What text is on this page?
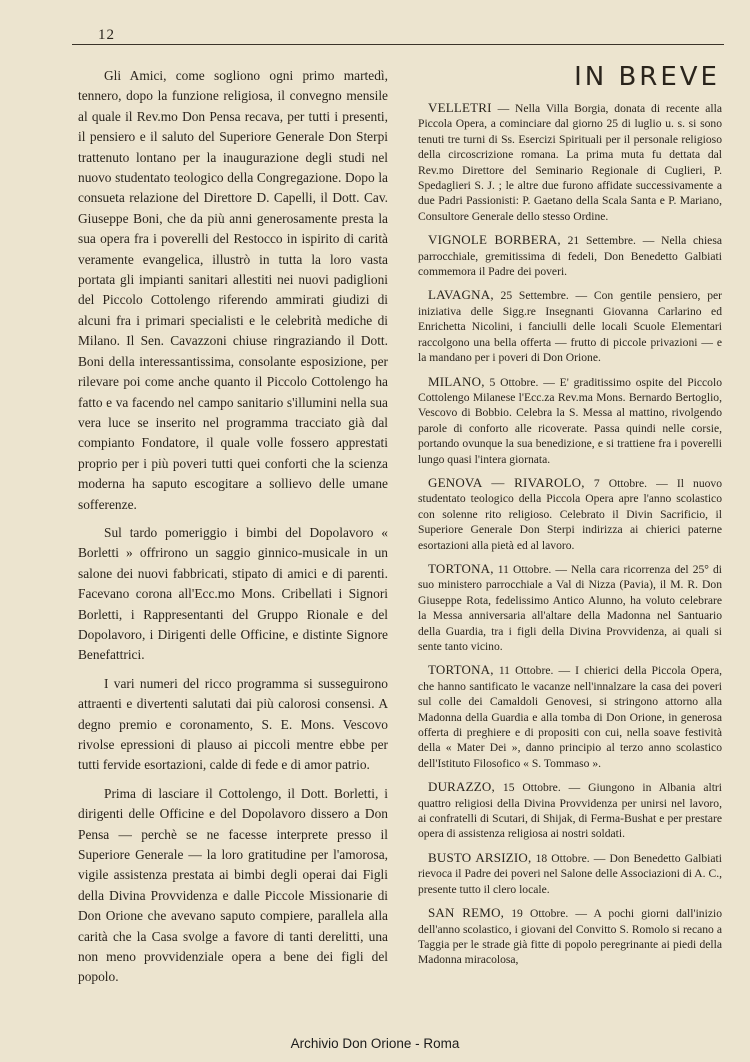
12

Gli Amici, come sogliono ogni primo martedì, tennero, dopo la funzione religiosa, il convegno mensile al quale il Rev.mo Don Pensa recava, per tutti i presenti, il pensiero e il saluto del Superiore Generale Don Sterpi trattenuto lontano per la inaugurazione degli studi nel nuovo studentato teologico della Congregazione. Dopo la consueta relazione del Direttore D. Capelli, il Dott. Cav. Giuseppe Boni, che da più anni generosamente presta la sua opera fra i poverelli del Restocco in ispirito di carità veramente evangelica, illustrò in tutta la loro vasta portata gli impianti sanitari allestiti nei nuovi padiglioni del Piccolo Cottolengo riferendo ammirati giudizi di alcuni fra i primari specialisti e le celebrità mediche di Milano. Il Sen. Cavazzoni chiuse ringraziando il Dott. Boni della interessantissima, consolante esposizione, per rilevare poi come anche quanto il Piccolo Cottolengo ha fatto e va facendo nel campo sanitario s'illumini nella sua vera luce se inserito nel programma tracciato già dal compianto Fondatore, il quale volle fossero apprestati proprio per i più poveri tutti quei conforti che la scienza moderna ha saputo escogitare a sollievo delle umane sofferenze.

Sul tardo pomeriggio i bimbi del Dopolavoro « Borletti » offrirono un saggio ginnico-musicale in un salone dei nuovi fabbricati, stipato di amici e di parenti. Facevano corona all'Ecc.mo Mons. Cribellati i Signori Borletti, i Rappresentanti del Gruppo Rionale e del Dopolavoro, i Dirigenti delle Officine, e distinte Signore Benefattrici.

I vari numeri del ricco programma si susseguirono attraenti e divertenti salutati dai più calorosi consensi. A degno premio e coronamento, S. E. Mons. Vescovo rivolse epressioni di plauso ai piccoli mentre ebbe per tutti fervide esortazioni, calde di fede e di amor patrio.

Prima di lasciare il Cottolengo, il Dott. Borletti, i dirigenti delle Officine e del Dopolavoro dissero a Don Pensa — perchè se ne facesse interprete presso il Superiore Generale — la loro gratitudine per l'amorosa, vigile assistenza prestata ai bimbi degli operai dai Figli della Divina Provvidenza e dalle Piccole Missionarie di Don Orione che avevano saputo compiere, parallela alla carità che la Casa svolge a favore di tanti derelitti, una non meno provvidenziale opera a bene dei figli del popolo.

IN BREVE

VELLETRI — Nella Villa Borgia, donata di recente alla Piccola Opera, a cominciare dal giorno 25 di luglio u. s. si sono tenuti tre turni di Ss. Esercizi Spirituali per il personale religioso della circoscrizione romana. La prima muta fu dettata dal Rev.mo Direttore del Seminario Regionale di Cuglieri, P. Spedaglieri S. J. ; le altre due furono affidate successivamente a due Padri Passionisti: P. Gaetano della Scala Santa e P. Mariano, Consultore Generale dello stesso Ordine.

VIGNOLE BORBERA, 21 Settembre. — Nella chiesa parrocchiale, gremitissima di fedeli, Don Benedetto Galbiati commemora il Padre dei poveri.

LAVAGNA, 25 Settembre. — Con gentile pensiero, per iniziativa delle Sigg.re Insegnanti Giovanna Carlarino ed Enrichetta Nicolini, i fanciulli delle locali Scuole Elementari raccolgono una bella offerta — frutto di piccole privazioni — e la mandano per i poveri di Don Orione.

MILANO, 5 Ottobre. — E' graditissimo ospite del Piccolo Cottolengo Milanese l'Ecc.za Rev.ma Mons. Bernardo Bertoglio, Vescovo di Bobbio. Celebra la S. Messa al mattino, rivolgendo parole di conforto alle ricoverate. Passa quindi nelle corsie, portando ovunque la sua benedizione, e si trattiene fra i poverelli lungo quasi l'intera giornata.

GENOVA — RIVAROLO, 7 Ottobre. — Il nuovo studentato teologico della Piccola Opera apre l'anno scolastico con solenne rito religioso. Celebrato il Divin Sacrificio, il Superiore Generale Don Sterpi indirizza ai chierici paterne esortazioni alla pietà ed al lavoro.

TORTONA, 11 Ottobre. — Nella cara ricorrenza del 25° di suo ministero parrocchiale a Val di Nizza (Pavia), il M. R. Don Giuseppe Rota, fedelissimo Antico Alunno, ha voluto celebrare la Messa anniversaria all'altare della Madonna nel Santuario della Guardia, tra i figli della Divina Provvidenza, ai quali si sente tanto vicino.

TORTONA, 11 Ottobre. — I chierici della Piccola Opera, che hanno santificato le vacanze nell'innalzare la casa dei poveri sul colle dei Camaldoli Genovesi, si stringono attorno alla Madonna della Guardia e alla tomba di Don Orione, in generosa offerta di preghiere e di propositi con cui, nella soave festività della « Mater Dei », danno principio al terzo anno scolastico dell'Istituto Filosofico « S. Tommaso ».

DURAZZO, 15 Ottobre. — Giungono in Albania altri quattro religiosi della Divina Provvidenza per unirsi nel lavoro, ai confratelli di Scutari, di Shijak, di Ferma-Bushat e per prestare opera di assistenza religiosa ai nostri soldati.

BUSTO ARSIZIO, 18 Ottobre. — Don Benedetto Galbiati rievoca il Padre dei poveri nel Salone delle Associazioni di A. C., presente tutto il clero locale.

SAN REMO, 19 Ottobre. — A pochi giorni dall'inizio dell'anno scolastico, i giovani del Convitto S. Romolo si recano a Taggia per le strade già fitte di popolo peregrinante ai piedi della Madonna miracolosa,

Archivio Don Orione - Roma
